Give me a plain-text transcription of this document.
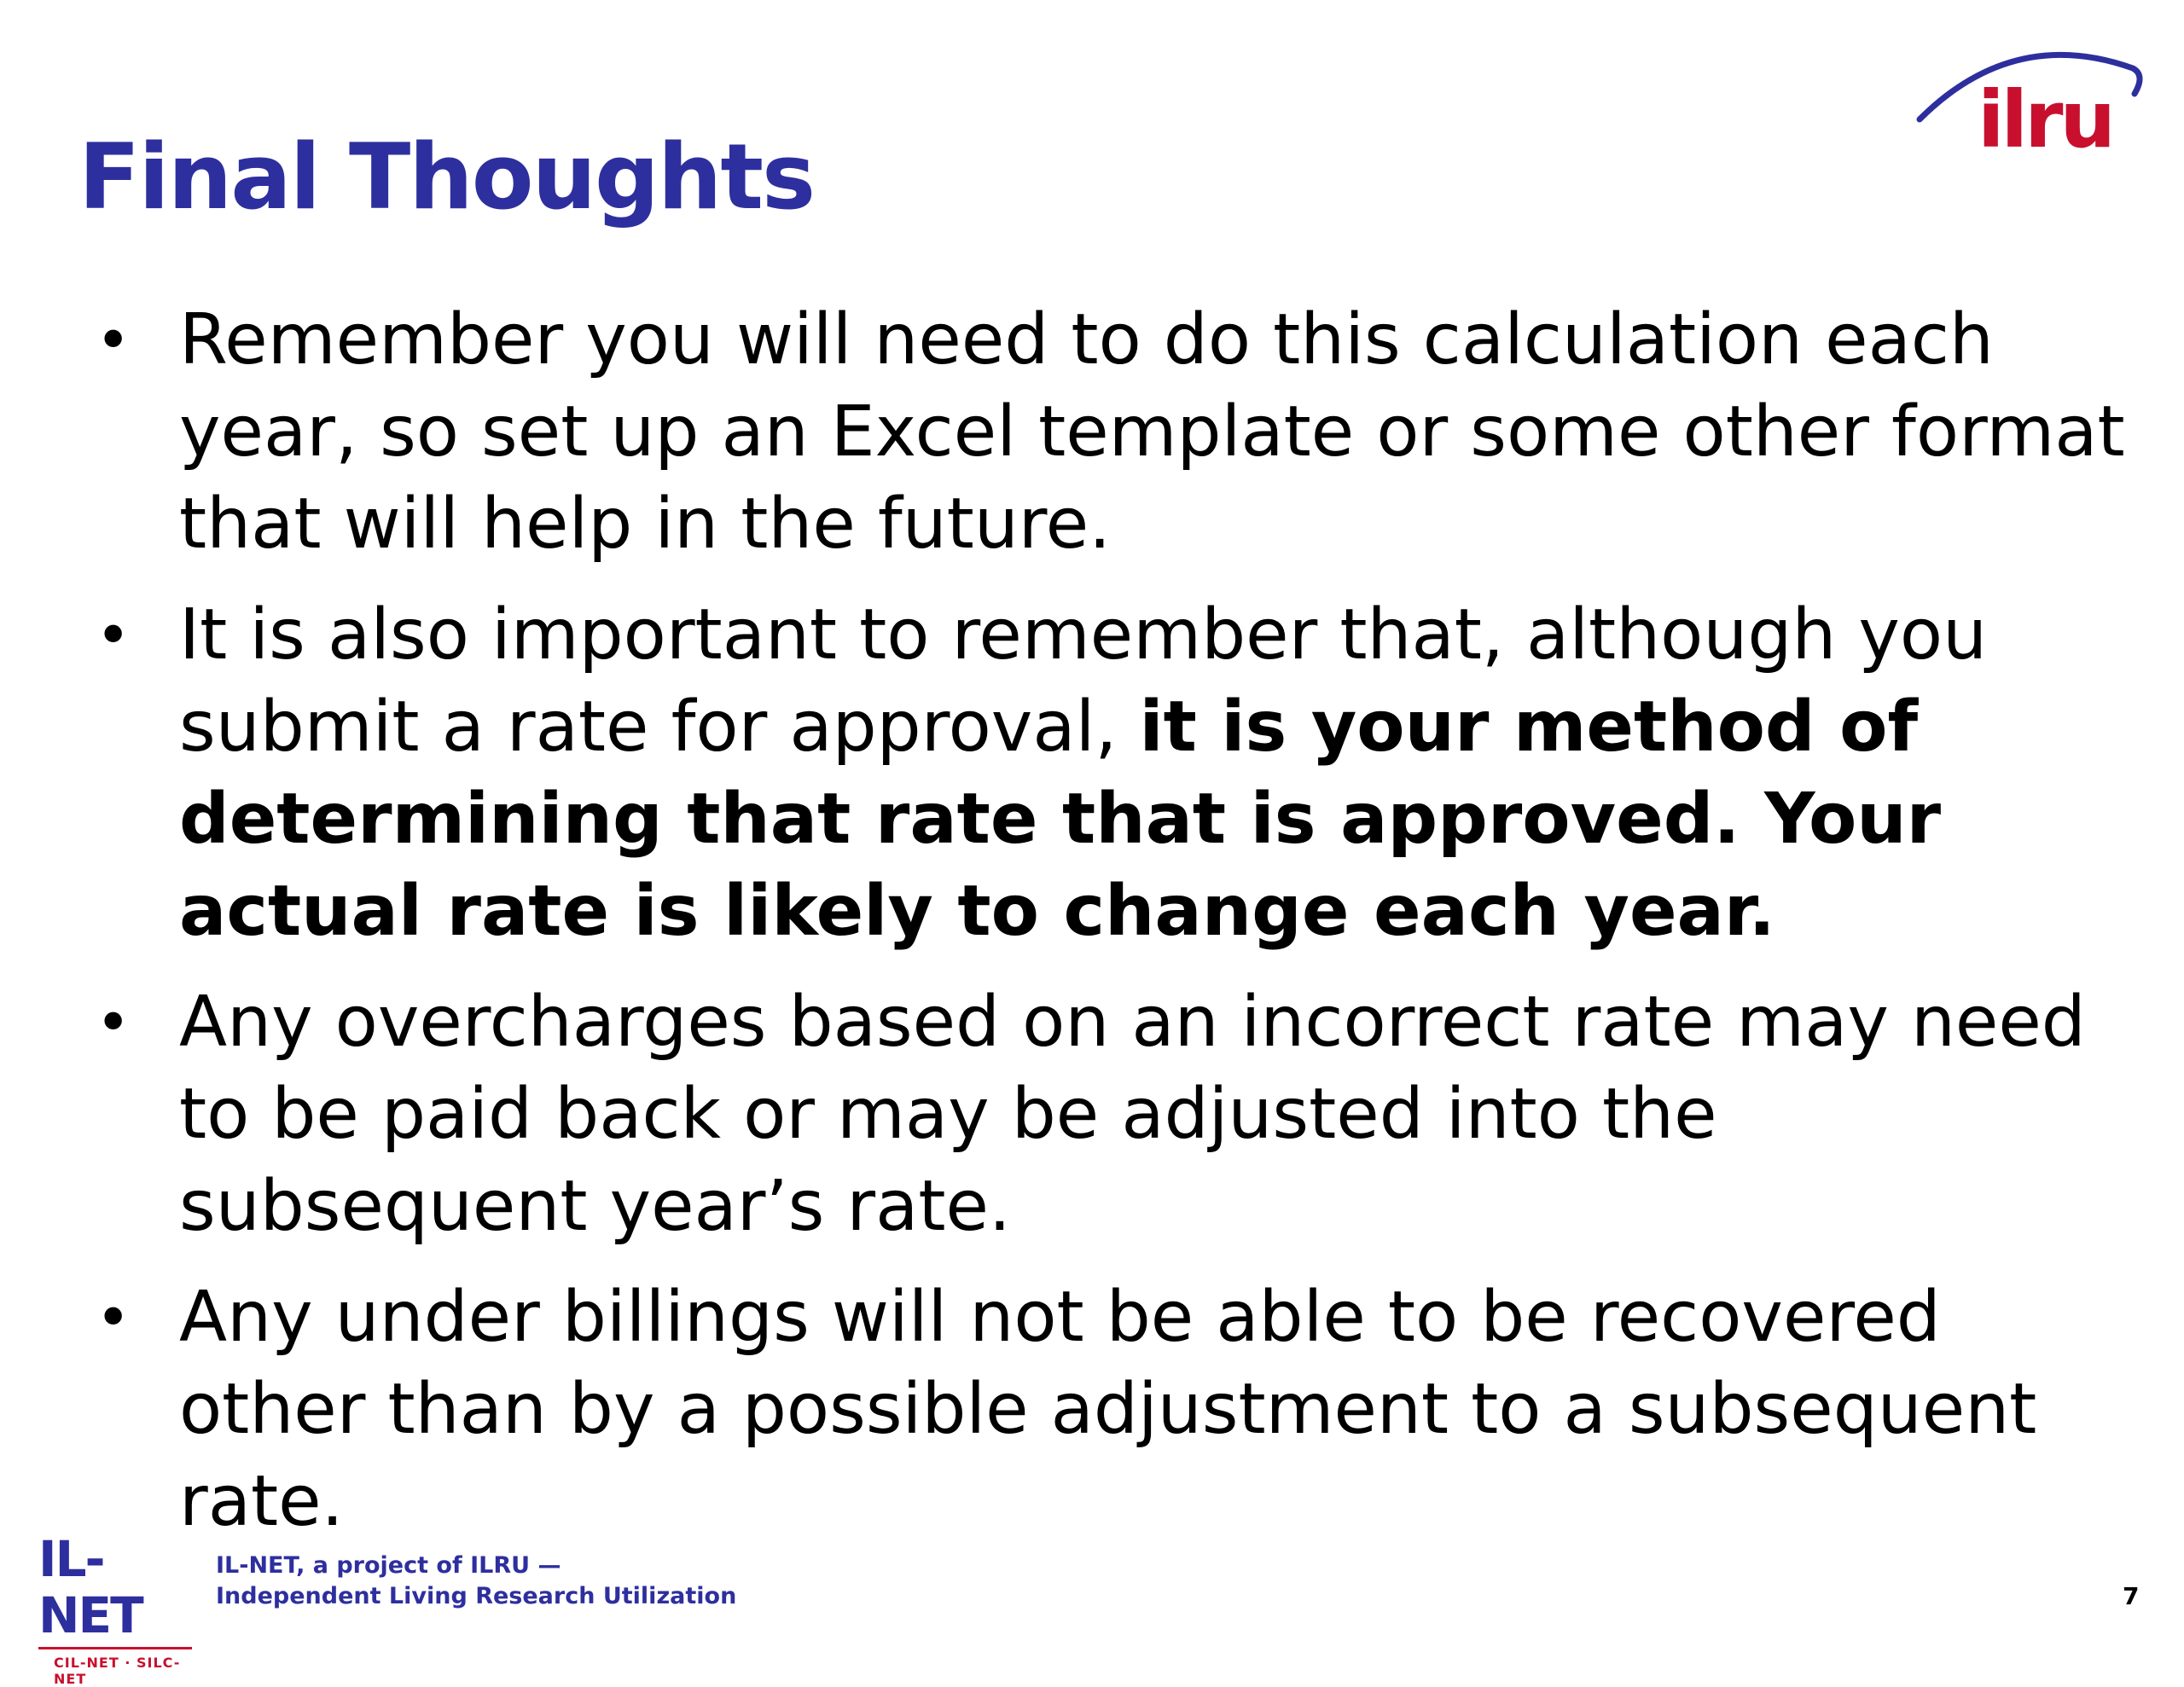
ilru
Final Thoughts
• Remember you will need to do this calculation each year, so set up an Excel template or some other format that will help in the future.
• It is also important to remember that, although you submit a rate for approval, it is your method of determining that rate that is approved. Your actual rate is likely to change each year.
• Any overcharges based on an incorrect rate may need to be paid back or may be adjusted into the subsequent year’s rate.
• Any under billings will not be able to be recovered other than by a possible adjustment to a subsequent rate.
IL-NET
CIL-NET · SILC-NET
IL-NET, a project of ILRU —
Independent Living Research Utilization	7
